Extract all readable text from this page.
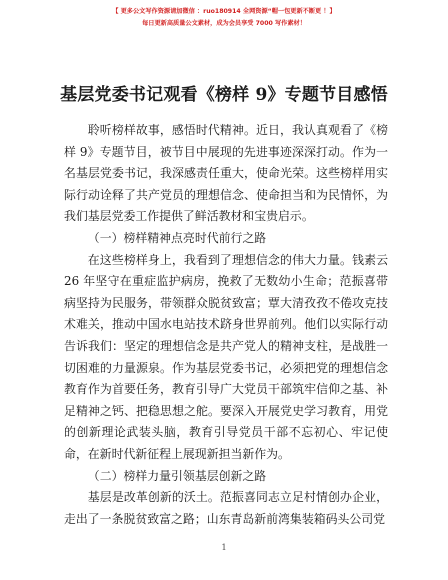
【 更多公文写作资源请加微信 ：ruo180914 全网资源“帽一包更新不断更 ！】
每日更新高质量公文素材，成为会员享受 7000 写作素材！
基层党委书记观看《榜样 9》专题节目感悟

聆听榜样故事，感悟时代精神。近日，我认真观看了《榜样 9》专题节目，被节目中展现的先进事迹深深打动。作为一名基层党委书记，我深感责任重大，使命光荣。这些榜样用实际行动诠释了共产党员的理想信念、使命担当和为民情怀，为我们基层党委工作提供了鲜活教材和宝贵启示。

（一）榜样精神点亮时代前行之路

在这些榜样身上，我看到了理想信念的伟大力量。钱素云 26 年坚守在重症监护病房，挽救了无数幼小生命；范振喜带病坚持为民服务，带领群众脱贫致富；覃大清孜孜不倦攻克技术难关，推动中国水电站技术跻身世界前列。他们以实际行动告诉我们：坚定的理想信念是共产党人的精神支柱，是战胜一切困难的力量源泉。作为基层党委书记，必须把党的理想信念教育作为首要任务，教育引导广大党员干部筑牢信仰之基、补足精神之钙、把稳思想之舵。要深入开展党史学习教育，用党的创新理论武装头脑，教育引导党员干部不忘初心、牢记使命，在新时代新征程上展现新担当新作为。

（二）榜样力量引领基层创新之路

基层是改革创新的沃土。范振喜同志立足村情创办企业，走出了一条脱贫致富之路；山东青岛新前湾集装箱码头公司党

1
